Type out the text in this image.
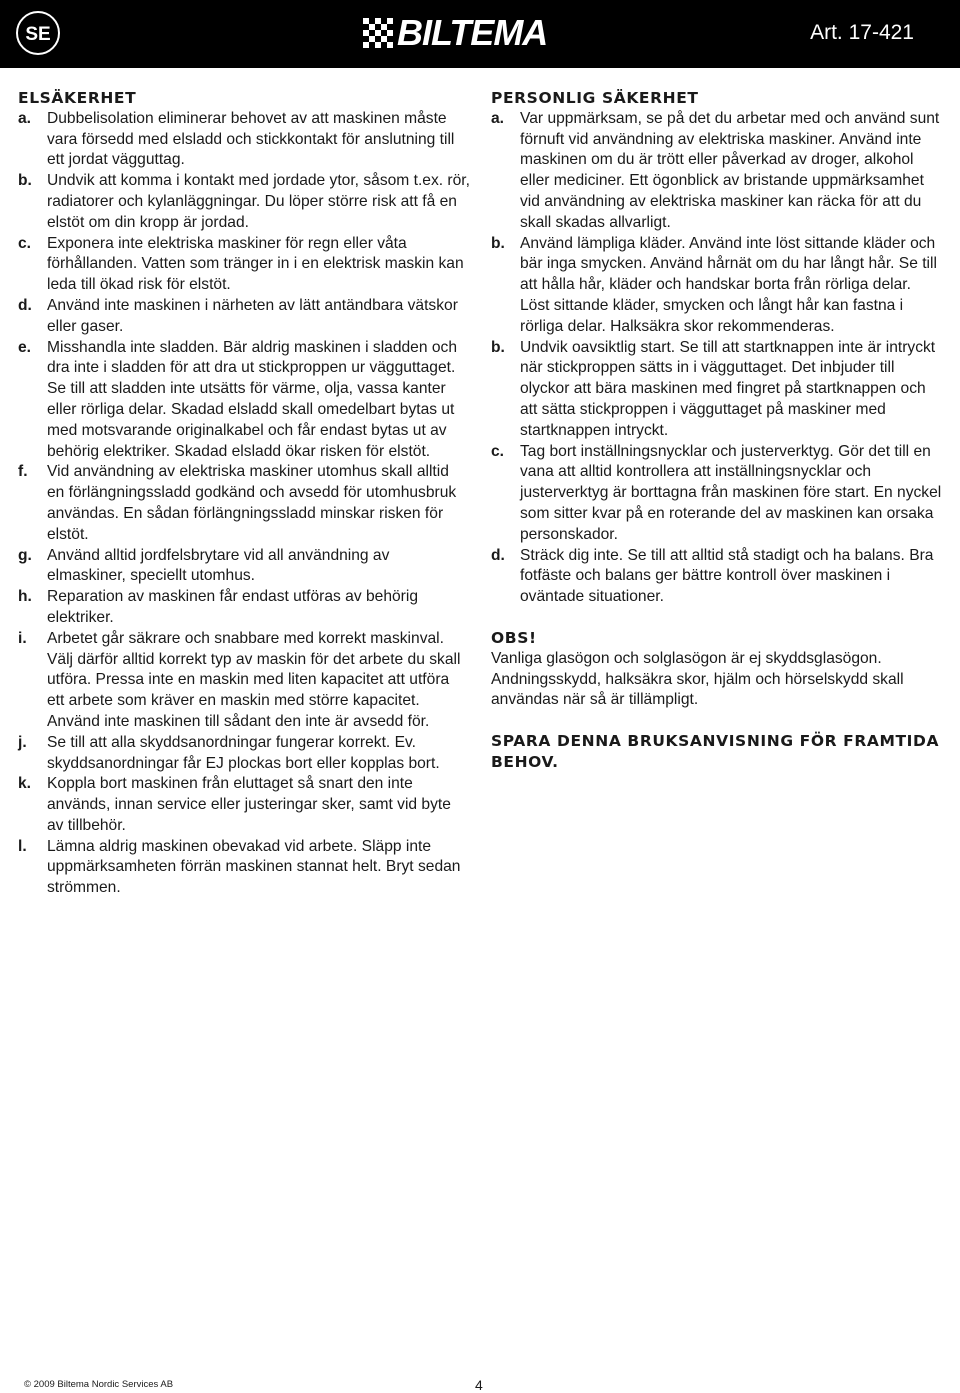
SE	BILTEMA	Art. 17-421
ELSÄKERHET
a.	Dubbelisolation eliminerar behovet av att maskinen måste vara försedd med elsladd och stickkontakt för anslutning till ett jordat vägguttag.
b. Undvik att komma i kontakt med jordade ytor, såsom t.ex. rör, radiatorer och kylanläggningar. Du löper större risk att få en elstöt om din kropp är jordad.
c.	Exponera inte elektriska maskiner för regn eller våta förhållanden. Vatten som tränger in i en elektrisk maskin kan leda till ökad risk för elstöt.
d. Använd inte maskinen i närheten av lätt antändbara vätskor eller gaser.
e.	Misshandla inte sladden. Bär aldrig maskinen i sladden och dra inte i sladden för att dra ut stickproppen ur vägguttaget. Se till att sladden inte utsätts för värme, olja, vassa kanter eller rörliga delar. Skadad elsladd skall omedelbart bytas ut med motsvarande originalkabel och får endast bytas ut av behörig elektriker. Skadad elsladd ökar risken för elstöt.
f.	Vid användning av elektriska maskiner utomhus skall alltid en förlängningssladd godkänd och avsedd för utomhusbruk användas. En sådan förlängningssladd minskar risken för elstöt.
g. Använd alltid jordfelsbrytare vid all användning av elmaskiner, speciellt utomhus.
h. Reparation av maskinen får endast utföras av behörig elektriker.
i.	Arbetet går säkrare och snabbare med korrekt maskinval. Välj därför alltid korrekt typ av maskin för det arbete du skall utföra. Pressa inte en maskin med liten kapacitet att utföra ett arbete som kräver en maskin med större kapacitet. Använd inte maskinen till sådant den inte är avsedd för.
j.	Se till att alla skyddsanordningar fungerar korrekt. Ev. skyddsanordningar får EJ plockas bort eller kopplas bort.
k.	Koppla bort maskinen från eluttaget så snart den inte används, innan service eller justeringar sker, samt vid byte av tillbehör.
l.	Lämna aldrig maskinen obevakad vid arbete. Släpp inte uppmärksamheten förrän maskinen stannat helt. Bryt sedan strömmen.
PERSONLIG SÄKERHET
a.	Var uppmärksam, se på det du arbetar med och använd sunt förnuft vid användning av elektriska maskiner. Använd inte maskinen om du är trött eller påverkad av droger, alkohol eller mediciner. Ett ögonblick av bristande uppmärksamhet vid användning av elektriska maskiner kan räcka för att du skall skadas allvarligt.
b. Använd lämpliga kläder. Använd inte löst sittande kläder och bär inga smycken. Använd hårnät om du har långt hår. Se till att hålla hår, kläder och handskar borta från rörliga delar. Löst sittande kläder, smycken och långt hår kan fastna i rörliga delar. Halksäkra skor rekommenderas.
b. Undvik oavsiktlig start. Se till att startknappen inte är intryckt när stickproppen sätts in i vägguttaget. Det inbjuder till olyckor att bära maskinen med fingret på startknappen och att sätta stickproppen i vägguttaget på maskiner med startknappen intryckt.
c.	Tag bort inställningsnycklar och justerverktyg. Gör det till en vana att alltid kontrollera att inställningsnycklar och justerverktyg är borttagna från maskinen före start. En nyckel som sitter kvar på en roterande del av maskinen kan orsaka personskador.
d. Sträck dig inte. Se till att alltid stå stadigt och ha balans. Bra fotfäste och balans ger bättre kontroll över maskinen i oväntade situationer.
OBS!

Vanliga glasögon och solglasögon är ej skyddsglasögon. Andningsskydd, halksäkra skor, hjälm och hörselskydd skall användas när så är tillämpligt.

SPARA DENNA BRUKSANVISNING FÖR FRAMTIDA BEHOV.
© 2009 Biltema Nordic Services AB	4
